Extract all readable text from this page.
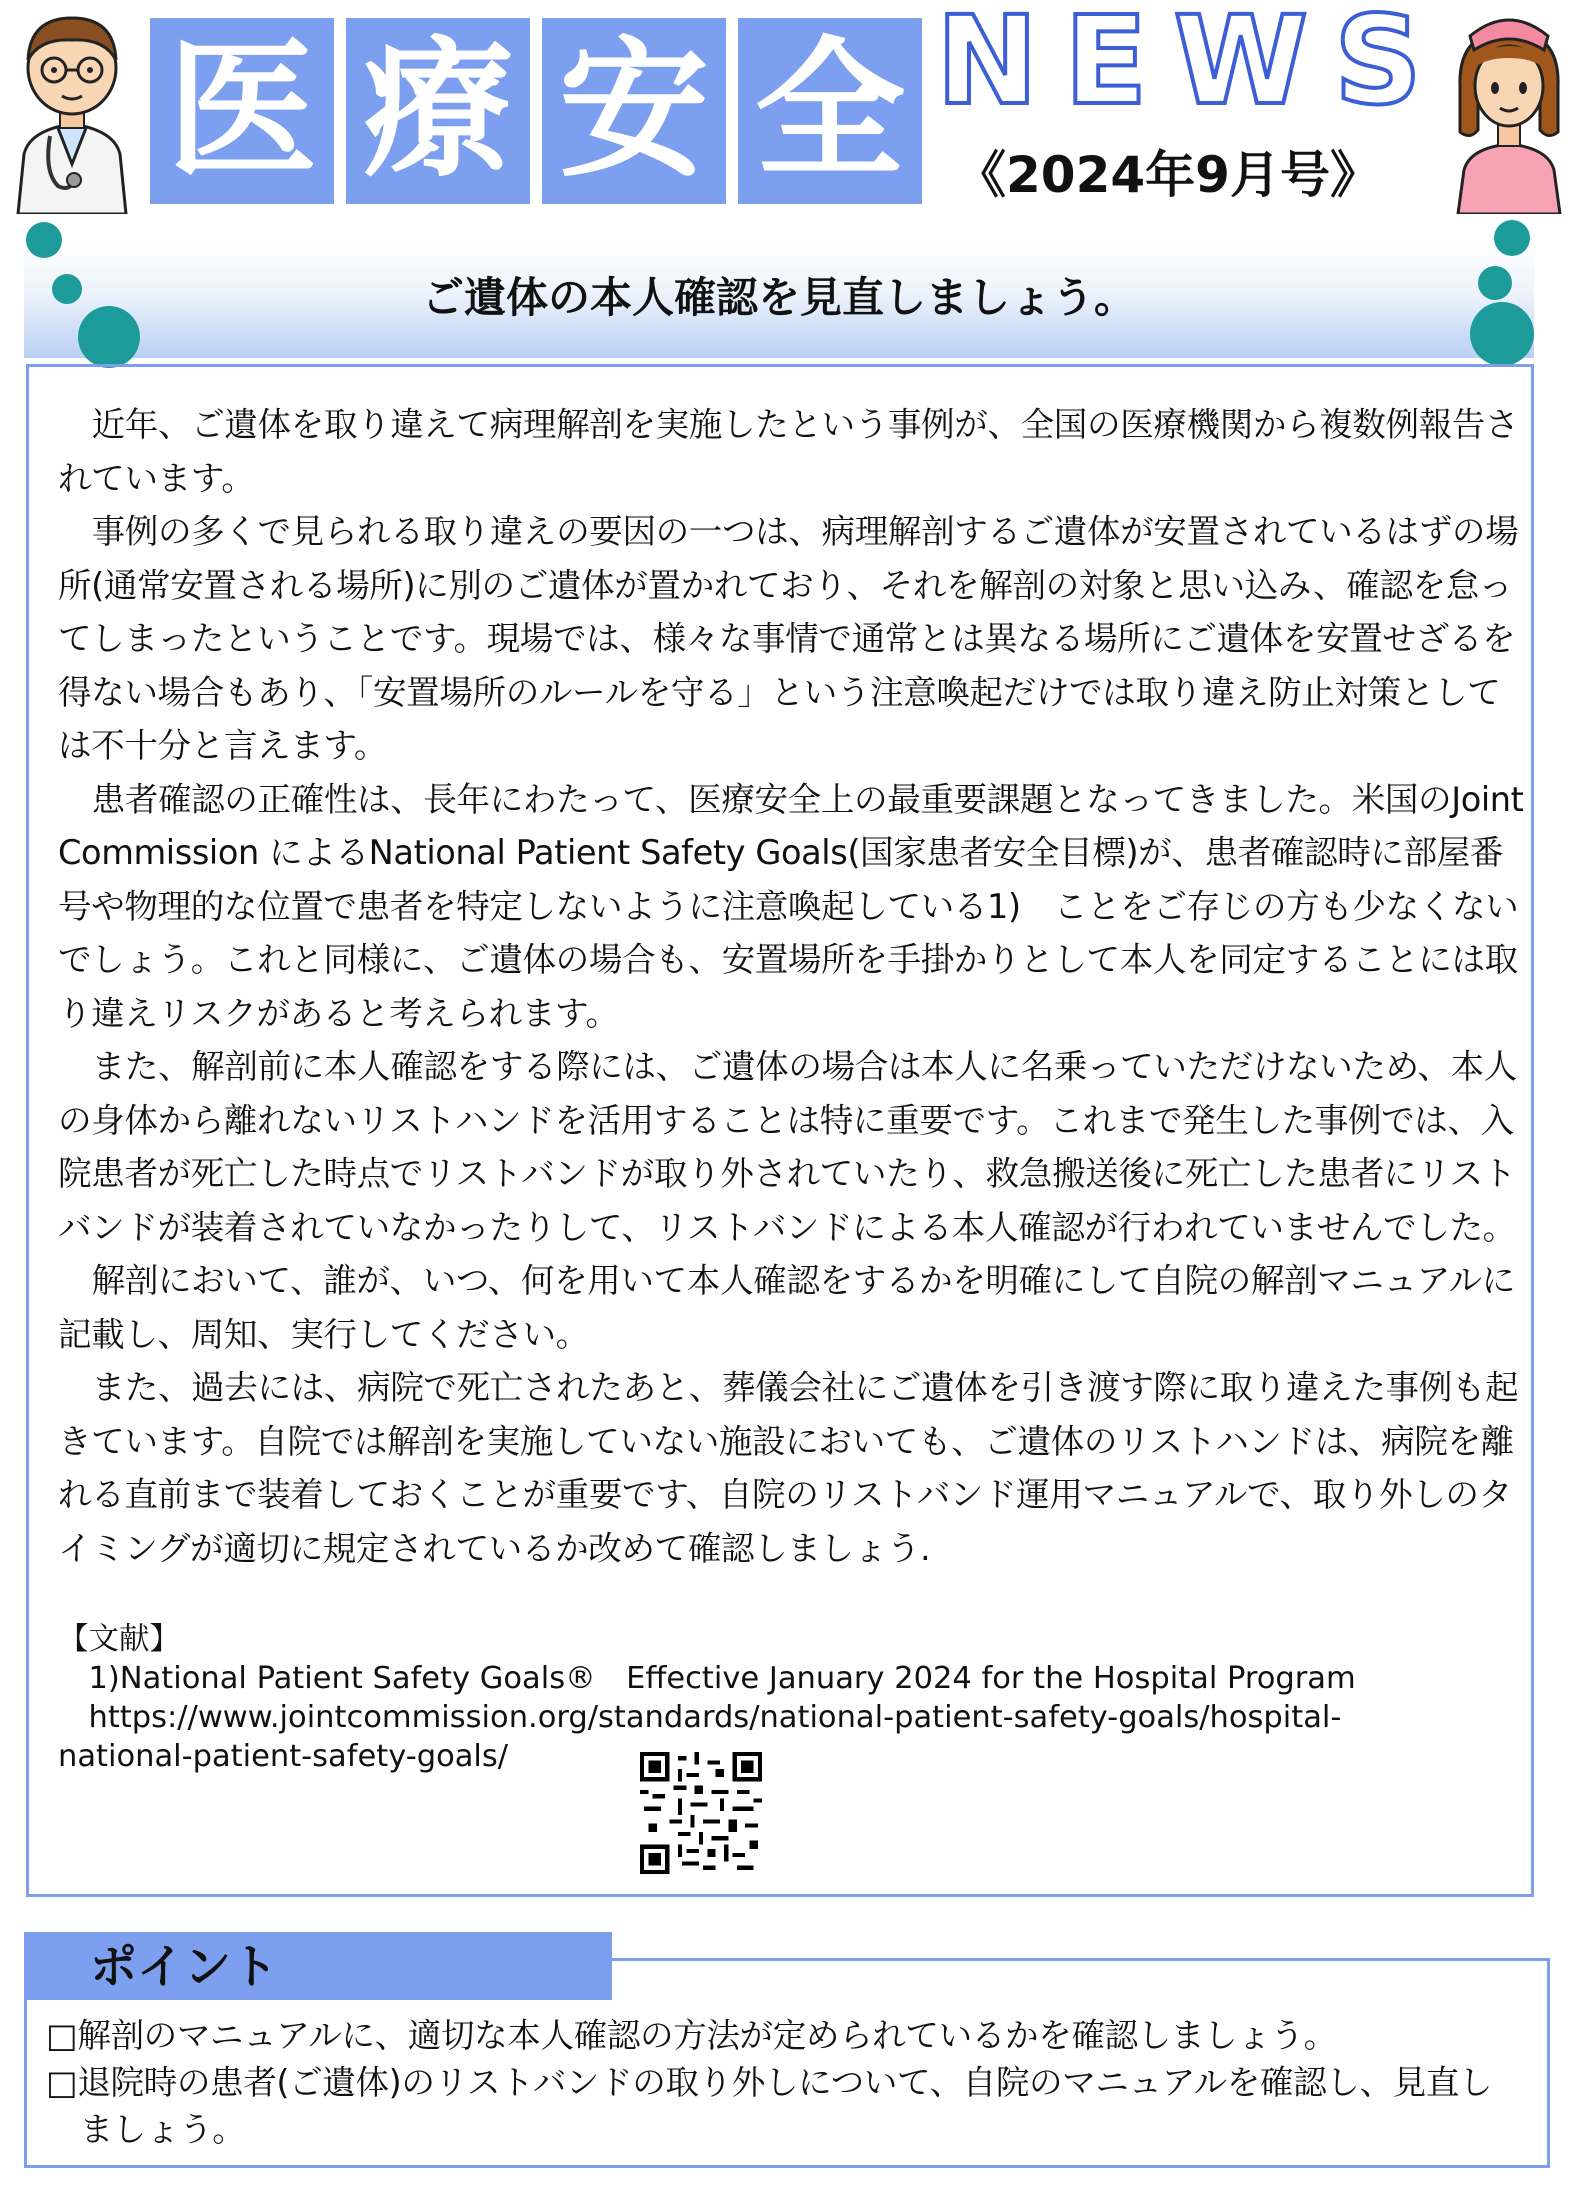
医 療 安 全 NEWS
《2024年9月号》
ご遺体の本人確認を見直しましょう。

近年、ご遺体を取り違えて病理解剖を実施したという事例が、全国の医療機関から複数例報告されています。

事例の多くで見られる取り違えの要因の一つは、病理解剖するご遺体が安置されているはずの場所(通常安置される場所)に別のご遺体が置かれており、それを解剖の対象と思い込み、確認を怠ってしまったということです。現場では、様々な事情で通常とは異なる場所にご遺体を安置せざるを得ない場合もあり、「安置場所のルールを守る」という注意喚起だけでは取り違え防止対策としては不十分と言えます。

患者確認の正確性は、長年にわたって、医療安全上の最重要課題となってきました。米国のJoint Commission によるNational Patient Safety Goals(国家患者安全目標)が、患者確認時に部屋番号や物理的な位置で患者を特定しないように注意喚起している1)　ことをご存じの方も少なくないでしょう。これと同様に、ご遺体の場合も、安置場所を手掛かりとして本人を同定することには取り違えリスクがあると考えられます。

また、解剖前に本人確認をする際には、ご遺体の場合は本人に名乗っていただけないため、本人の身体から離れないリストハンドを活用することは特に重要です。これまで発生した事例では、入院患者が死亡した時点でリストバンドが取り外されていたり、救急搬送後に死亡した患者にリストバンドが装着されていなかったりして、リストバンドによる本人確認が行われていませんでした。

解剖において、誰が、いつ、何を用いて本人確認をするかを明確にして自院の解剖マニュアルに記載し、周知、実行してください。

また、過去には、病院で死亡されたあと、葬儀会社にご遺体を引き渡す際に取り違えた事例も起きています。自院では解剖を実施していない施設においても、ご遺体のリストハンドは、病院を離れる直前まで装着しておくことが重要です、自院のリストバンド運用マニュアルで、取り外しのタイミングが適切に規定されているか改めて確認しましょう.

【文献】

1)National Patient Safety Goals®　Effective January 2024 for the Hospital Program

https://www.jointcommission.org/standards/national-patient-safety-goals/hospital-

national-patient-safety-goals/

ポイント

□解剖のマニュアルに、適切な本人確認の方法が定められているかを確認しましょう。

□退院時の患者(ご遺体)のリストバンドの取り外しについて、自院のマニュアルを確認し、見直しましょう。
